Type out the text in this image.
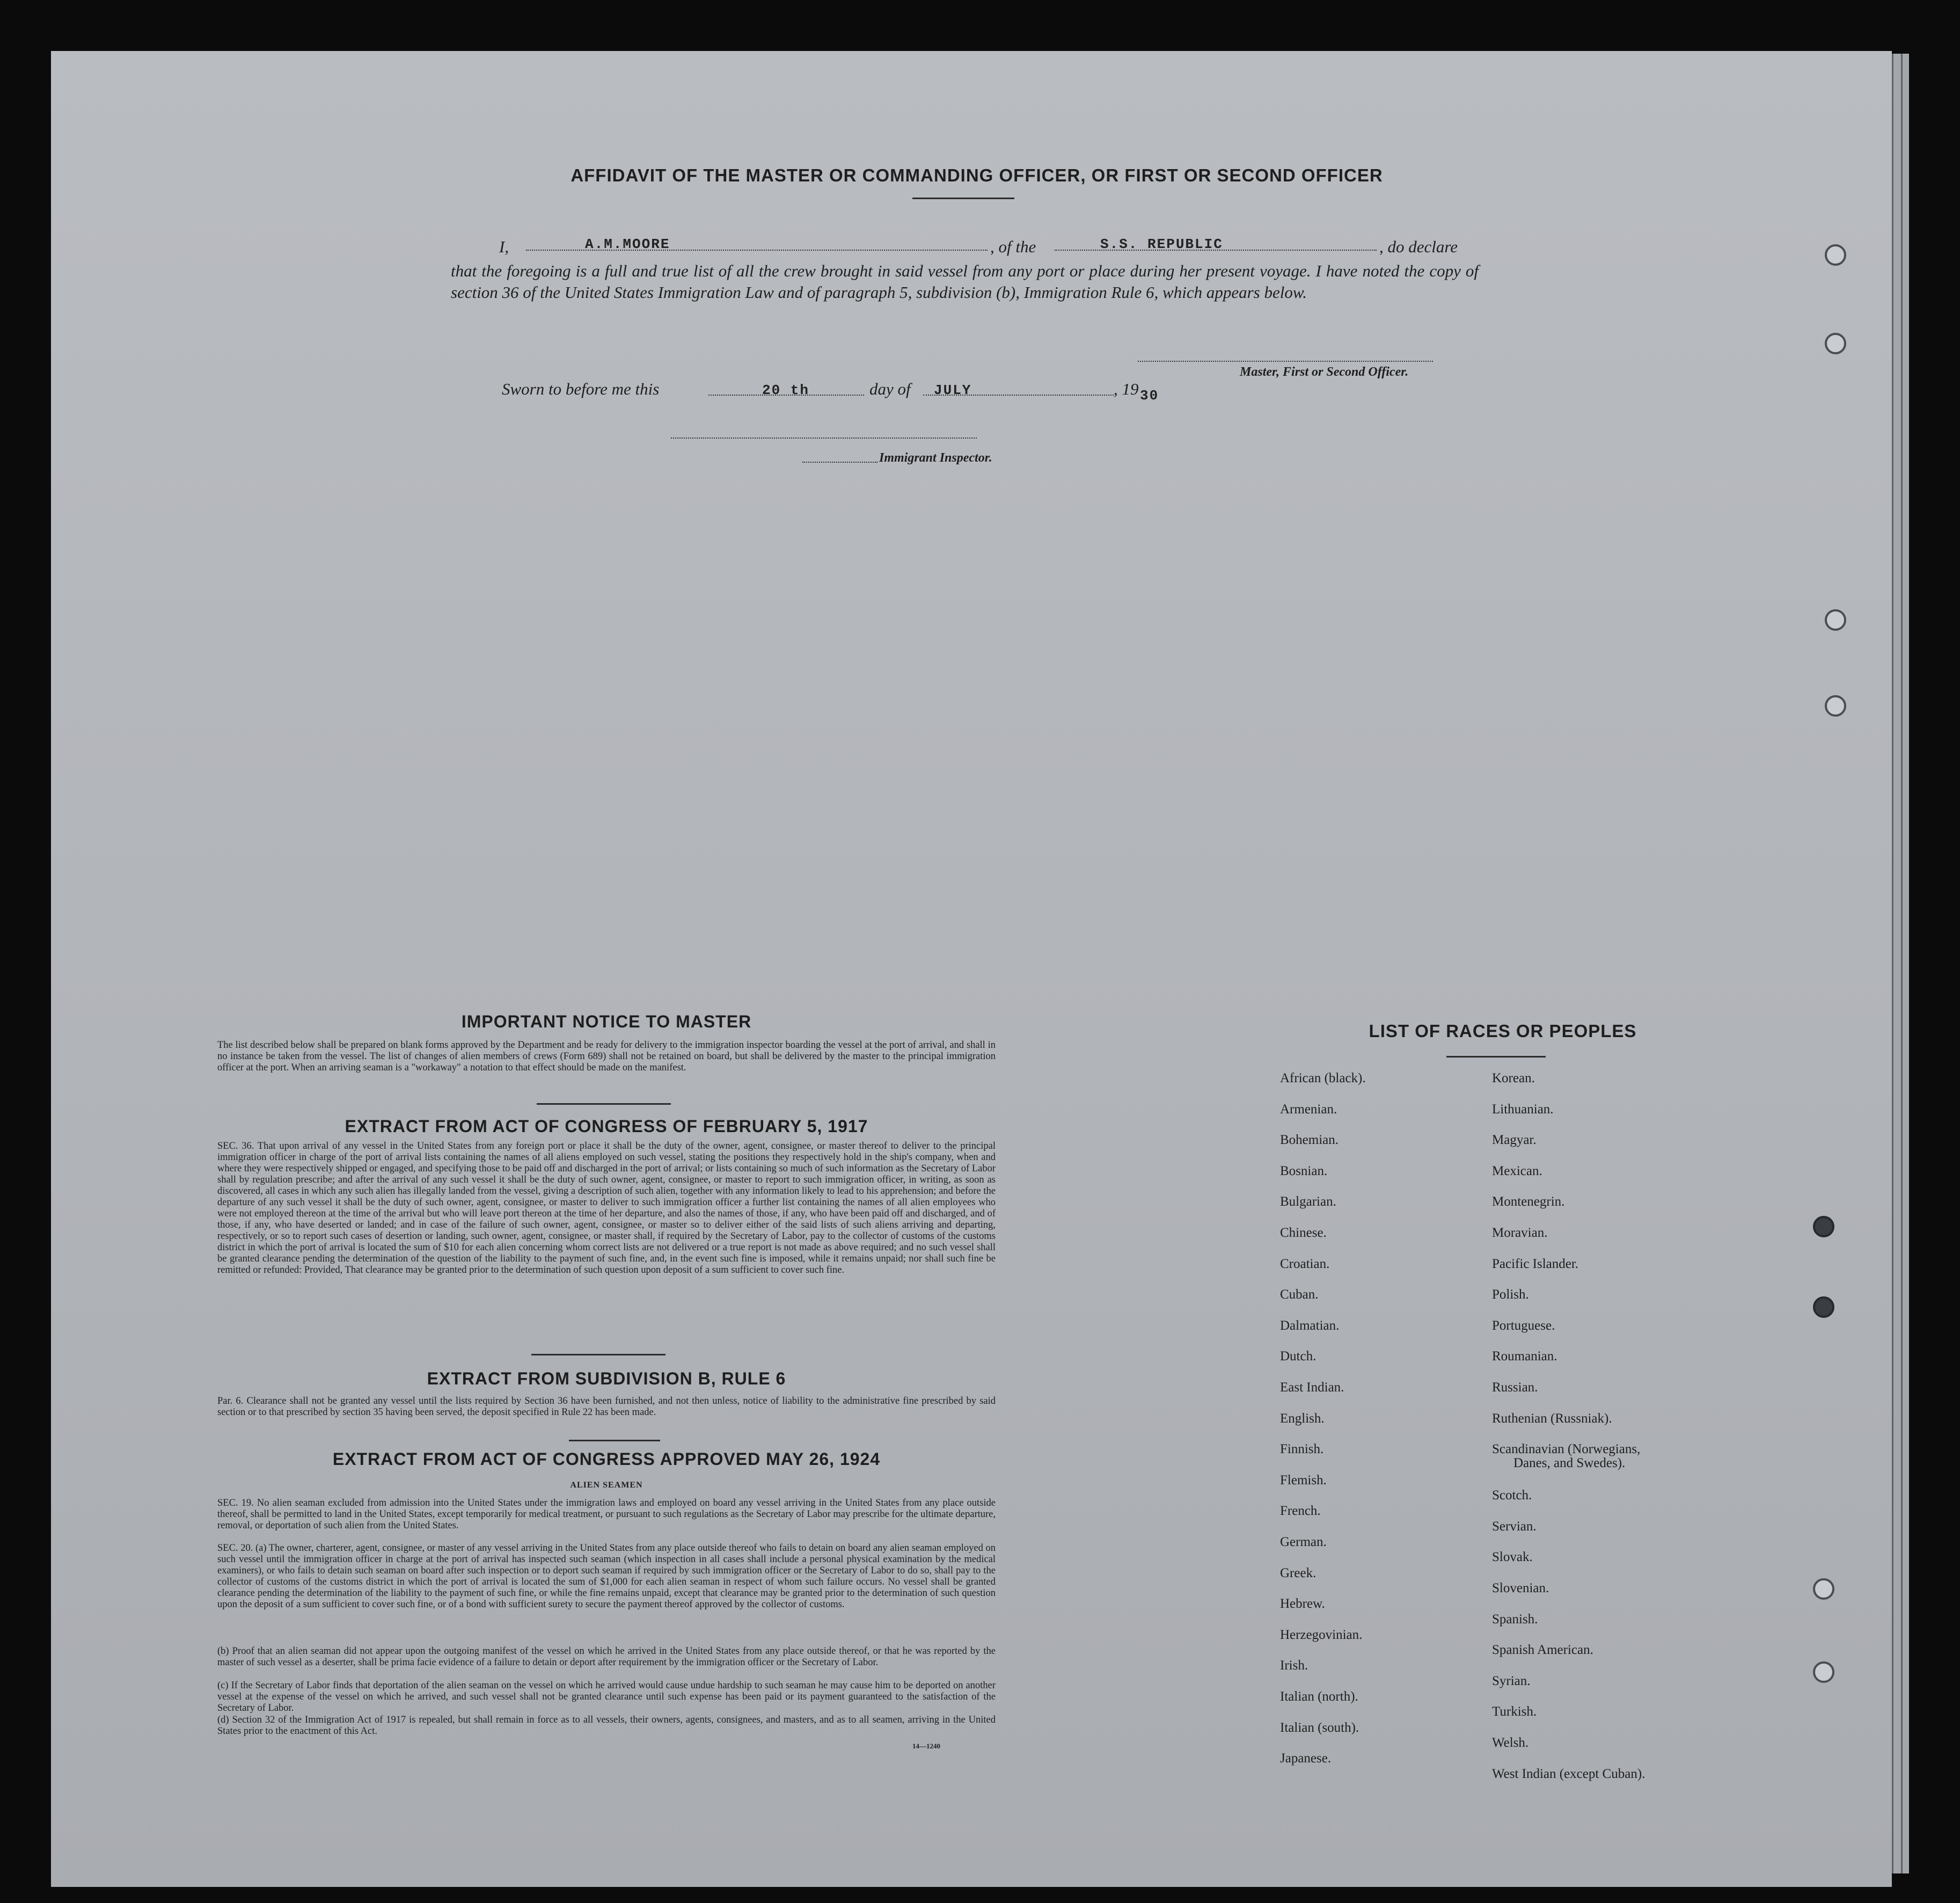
AFFIDAVIT OF THE MASTER OR COMMANDING OFFICER, OR FIRST OR SECOND OFFICER
I,	A.M.MOORE	, of the	S.S. REPUBLIC	, do declare
that the foregoing is a full and true list of all the crew brought in said vessel from any port or place during her present voyage. I have noted the copy of section 36 of the United States Immigration Law and of paragraph 5, subdivision (b), Immigration Rule 6, which appears below.
Master, First or Second Officer.
Sworn to before me this	20 th	day of JULY	, 19 30
Immigrant Inspector.
IMPORTANT NOTICE TO MASTER
The list described below shall be prepared on blank forms approved by the Department and be ready for delivery to the immigration inspector boarding the vessel at the port of arrival, and shall in no instance be taken from the vessel. The list of changes of alien members of crews (Form 689) shall not be retained on board, but shall be delivered by the master to the principal immigration officer at the port. When an arriving seaman is a "workaway" a notation to that effect should be made on the manifest.
EXTRACT FROM ACT OF CONGRESS OF FEBRUARY 5, 1917
SEC. 36. That upon arrival of any vessel in the United States from any foreign port or place it shall be the duty of the owner, agent, consignee, or master thereof to deliver to the principal immigration officer in charge of the port of arrival lists containing the names of all aliens employed on such vessel, stating the positions they respectively hold in the ship's company, when and where they were respectively shipped or engaged, and specifying those to be paid off and discharged in the port of arrival; or lists containing so much of such information as the Secretary of Labor shall by regulation prescribe; and after the arrival of any such vessel it shall be the duty of such owner, agent, consignee, or master to report to such immigration officer, in writing, as soon as discovered, all cases in which any such alien has illegally landed from the vessel, giving a description of such alien, together with any information likely to lead to his apprehension; and before the departure of any such vessel it shall be the duty of such owner, agent, consignee, or master to deliver to such immigration officer a further list containing the names of all alien employees who were not employed thereon at the time of the arrival but who will leave port thereon at the time of her departure, and also the names of those, if any, who have been paid off and discharged, and of those, if any, who have deserted or landed; and in case of the failure of such owner, agent, consignee, or master so to deliver either of the said lists of such aliens arriving and departing, respectively, or so to report such cases of desertion or landing, such owner, agent, consignee, or master shall, if required by the Secretary of Labor, pay to the collector of customs of the customs district in which the port of arrival is located the sum of $10 for each alien concerning whom correct lists are not delivered or a true report is not made as above required; and no such vessel shall be granted clearance pending the determination of the question of the liability to the payment of such fine, and, in the event such fine is imposed, while it remains unpaid; nor shall such fine be remitted or refunded: Provided, That clearance may be granted prior to the determination of such question upon deposit of a sum sufficient to cover such fine.
EXTRACT FROM SUBDIVISION B, RULE 6
Par. 6. Clearance shall not be granted any vessel until the lists required by Section 36 have been furnished, and not then unless, notice of liability to the administrative fine prescribed by said section or to that prescribed by section 35 having been served, the deposit specified in Rule 22 has been made.
EXTRACT FROM ACT OF CONGRESS APPROVED MAY 26, 1924
ALIEN SEAMEN
SEC. 19. No alien seaman excluded from admission into the United States under the immigration laws and employed on board any vessel arriving in the United States from any place outside thereof, shall be permitted to land in the United States, except temporarily for medical treatment, or pursuant to such regulations as the Secretary of Labor may prescribe for the ultimate departure, removal, or deportation of such alien from the United States.
SEC. 20. (a) The owner, charterer, agent, consignee, or master of any vessel arriving in the United States from any place outside thereof who fails to detain on board any alien seaman employed on such vessel until the immigration officer in charge at the port of arrival has inspected such seaman (which inspection in all cases shall include a personal physical examination by the medical examiners), or who fails to detain such seaman on board after such inspection or to deport such seaman if required by such immigration officer or the Secretary of Labor to do so, shall pay to the collector of customs of the customs district in which the port of arrival is located the sum of $1,000 for each alien seaman in respect of whom such failure occurs. No vessel shall be granted clearance pending the determination of the liability to the payment of such fine, or while the fine remains unpaid, except that clearance may be granted prior to the determination of such question upon the deposit of a sum sufficient to cover such fine, or of a bond with sufficient surety to secure the payment thereof approved by the collector of customs.
(b) Proof that an alien seaman did not appear upon the outgoing manifest of the vessel on which he arrived in the United States from any place outside thereof, or that he was reported by the master of such vessel as a deserter, shall be prima facie evidence of a failure to detain or deport after requirement by the immigration officer or the Secretary of Labor.
(c) If the Secretary of Labor finds that deportation of the alien seaman on the vessel on which he arrived would cause undue hardship to such seaman he may cause him to be deported on another vessel at the expense of the vessel on which he arrived, and such vessel shall not be granted clearance until such expense has been paid or its payment guaranteed to the satisfaction of the Secretary of Labor.
(d) Section 32 of the Immigration Act of 1917 is repealed, but shall remain in force as to all vessels, their owners, agents, consignees, and masters, and as to all seamen, arriving in the United States prior to the enactment of this Act.
14—1240
LIST OF RACES OR PEOPLES
African (black).
Armenian.
Bohemian.
Bosnian.
Bulgarian.
Chinese.
Croatian.
Cuban.
Dalmatian.
Dutch.
East Indian.
English.
Finnish.
Flemish.
French.
German.
Greek.
Hebrew.
Herzegovinian.
Irish.
Italian (north).
Italian (south).
Japanese.
Korean.
Lithuanian.
Magyar.
Mexican.
Montenegrin.
Moravian.
Pacific Islander.
Polish.
Portuguese.
Roumanian.
Russian.
Ruthenian (Russniak).
Scandinavian (Norwegians,
Danes, and Swedes).
Scotch.
Servian.
Slovak.
Slovenian.
Spanish.
Spanish American.
Syrian.
Turkish.
Welsh.
West Indian (except Cuban).
